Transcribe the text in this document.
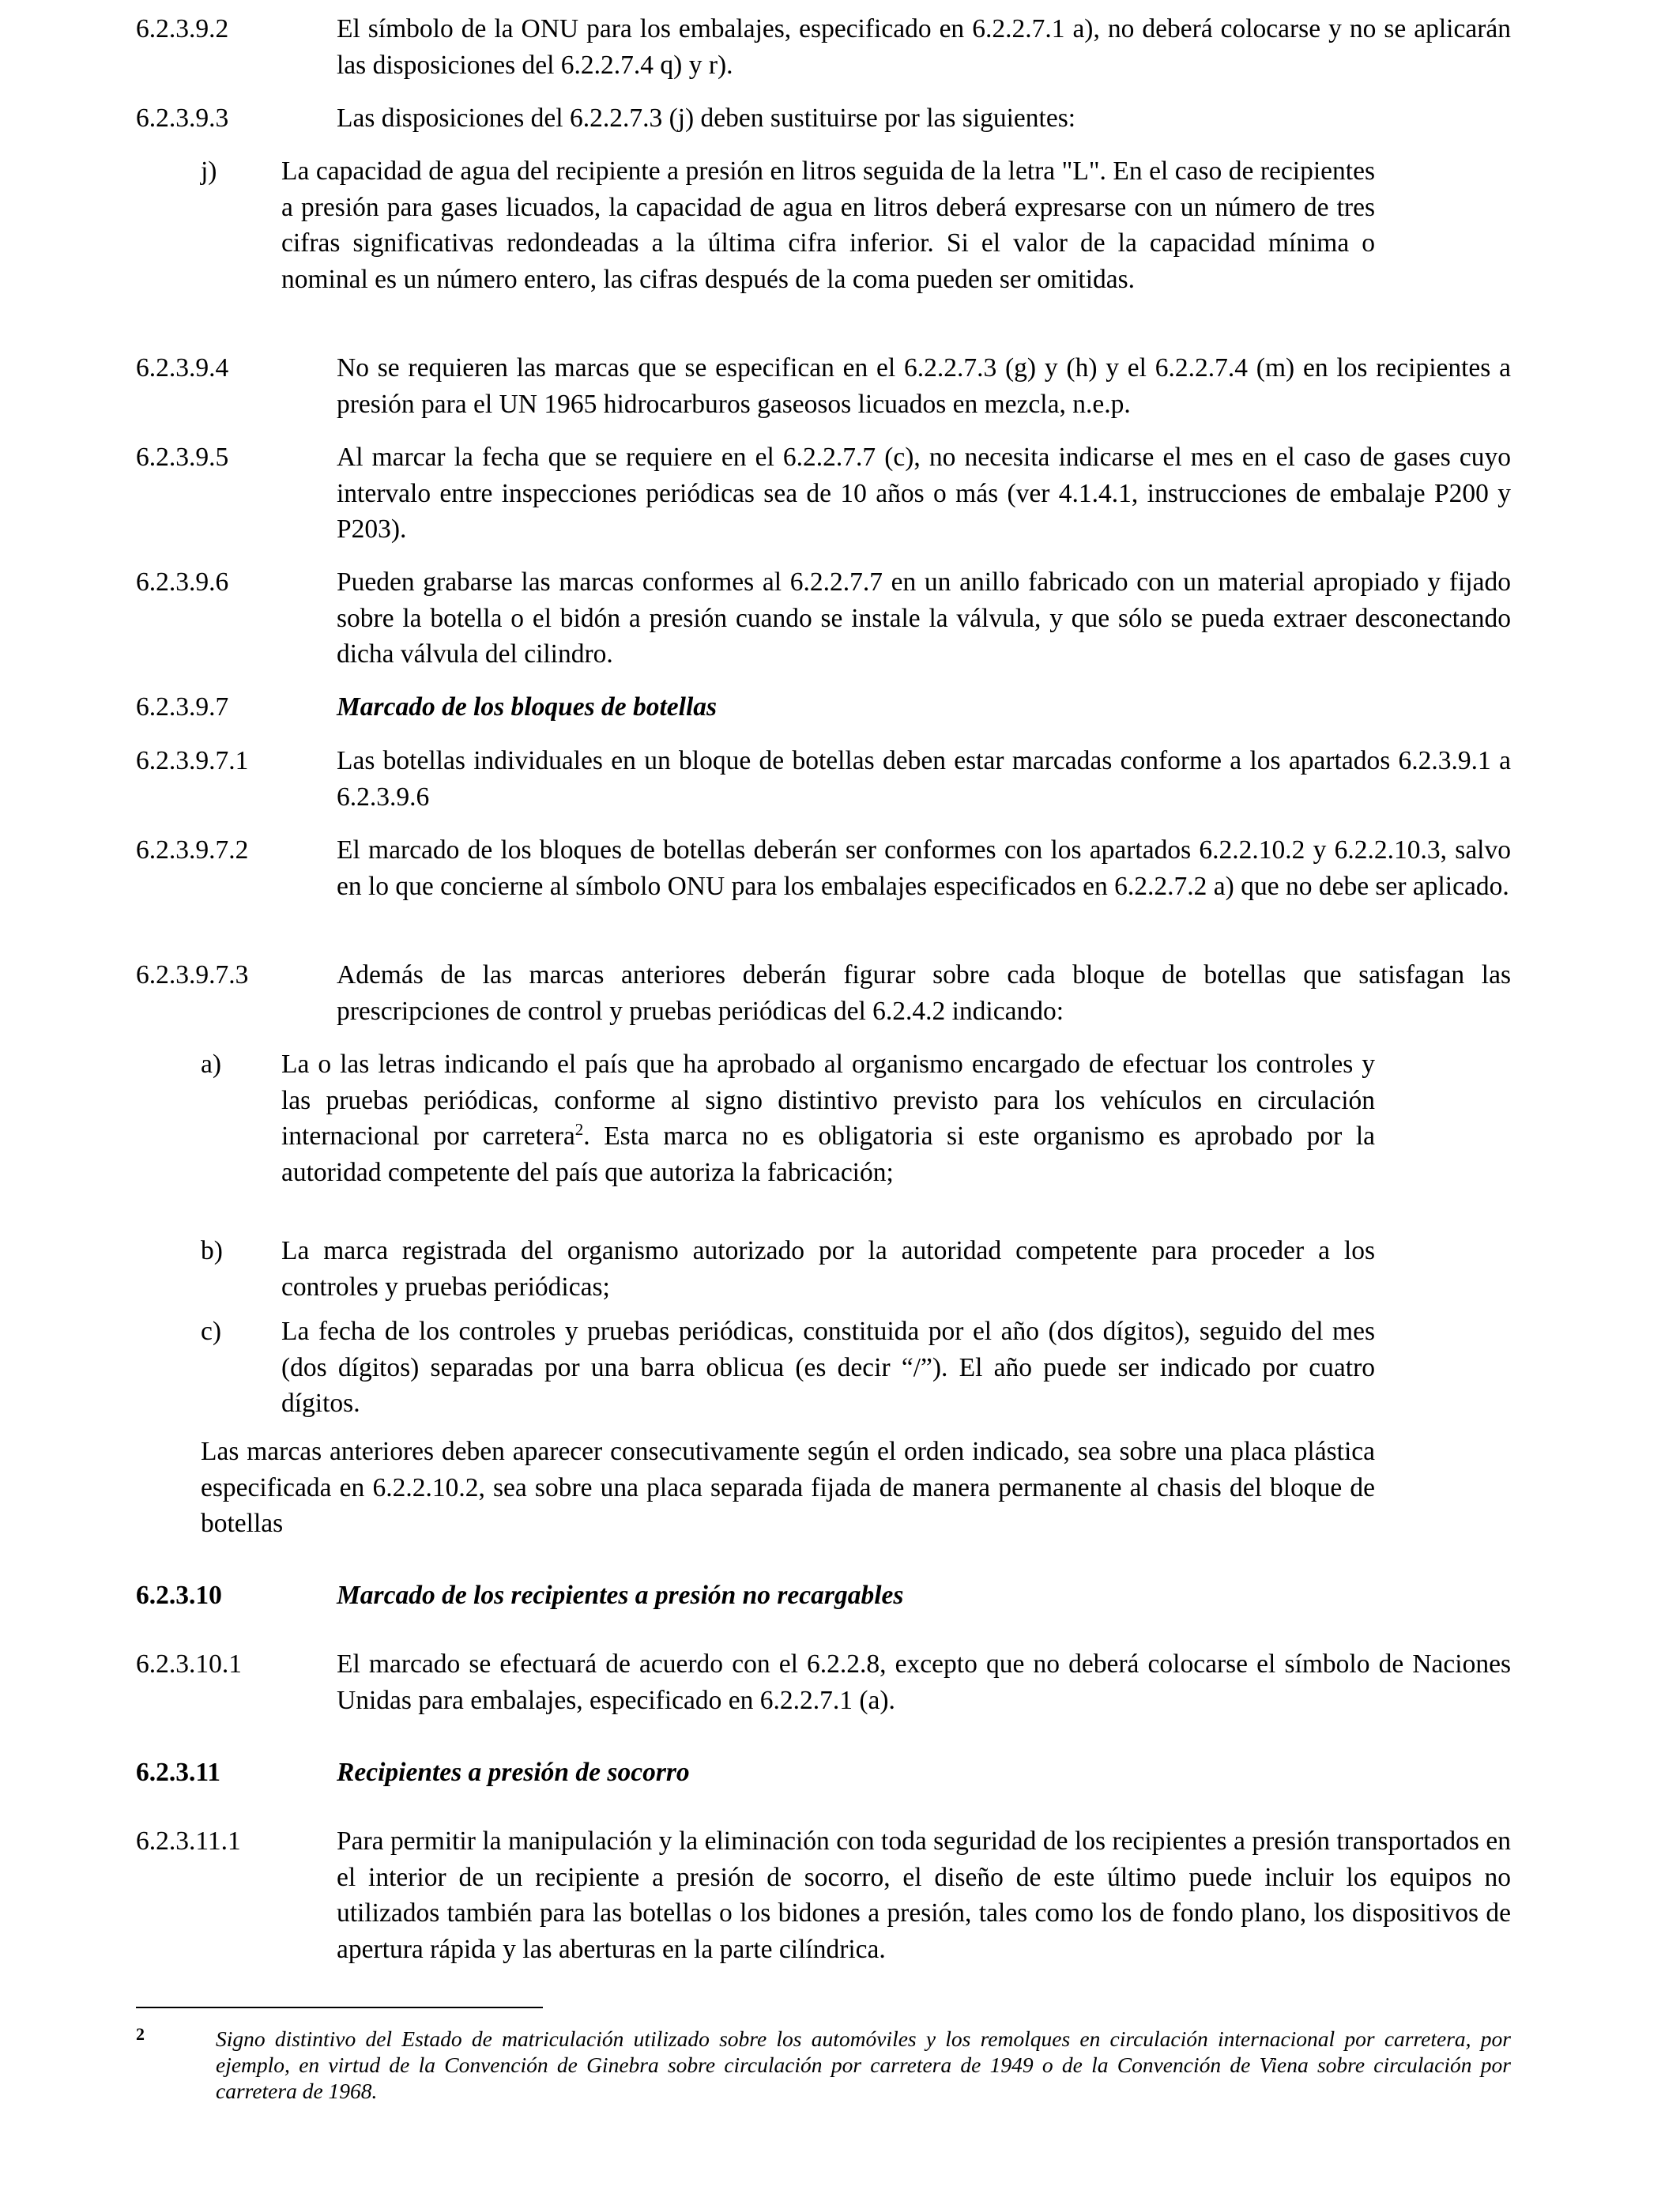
6.2.3.9.2	El símbolo de la ONU para los embalajes, especificado en 6.2.2.7.1 a), no deberá colocarse y no se aplicarán las disposiciones del 6.2.2.7.4 q) y r).
6.2.3.9.3	Las disposiciones del 6.2.2.7.3 (j) deben sustituirse por las siguientes:
j)	La capacidad de agua del recipiente a presión en litros seguida de la letra "L". En el caso de recipientes a presión para gases licuados, la capacidad de agua en litros deberá expresarse con un número de tres cifras significativas redondeadas a la última cifra inferior. Si el valor de la capacidad mínima o nominal es un número entero, las cifras después de la coma pueden ser omitidas.
6.2.3.9.4	No se requieren las marcas que se especifican en el 6.2.2.7.3 (g) y (h) y el 6.2.2.7.4 (m) en los recipientes a presión para el UN 1965 hidrocarburos gaseosos licuados en mezcla, n.e.p.
6.2.3.9.5	Al marcar la fecha que se requiere en el 6.2.2.7.7 (c), no necesita indicarse el mes en el caso de gases cuyo intervalo entre inspecciones periódicas sea de 10 años o más (ver 4.1.4.1, instrucciones de embalaje P200 y P203).
6.2.3.9.6	Pueden grabarse las marcas conformes al 6.2.2.7.7 en un anillo fabricado con un material apropiado y fijado sobre la botella o el bidón a presión cuando se instale la válvula, y que sólo se pueda extraer desconectando dicha válvula del cilindro.
6.2.3.9.7	Marcado de los bloques de botellas
6.2.3.9.7.1	Las botellas individuales en un bloque de botellas deben estar marcadas conforme a los apartados 6.2.3.9.1 a 6.2.3.9.6
6.2.3.9.7.2	El marcado de los bloques de botellas deberán ser conformes con los apartados 6.2.2.10.2 y 6.2.2.10.3, salvo en lo que concierne al símbolo ONU para los embalajes especificados en 6.2.2.7.2 a) que no debe ser aplicado.
6.2.3.9.7.3	Además de las marcas anteriores deberán figurar sobre cada bloque de botellas que satisfagan las prescripciones de control y pruebas periódicas del 6.2.4.2 indicando:
a)	La o las letras indicando el país que ha aprobado al organismo encargado de efectuar los controles y las pruebas periódicas, conforme al signo distintivo previsto para los vehículos en circulación internacional por carretera$^2$. Esta marca no es obligatoria si este organismo es aprobado por la autoridad competente del país que autoriza la fabricación;
b)	La marca registrada del organismo autorizado por la autoridad competente para proceder a los controles y pruebas periódicas;
c)	La fecha de los controles y pruebas periódicas, constituida por el año (dos dígitos), seguido del mes (dos dígitos) separadas por una barra oblicua (es decir “/”). El año puede ser indicado por cuatro dígitos.
Las marcas anteriores deben aparecer consecutivamente según el orden indicado, sea sobre una placa plástica especificada en 6.2.2.10.2, sea sobre una placa separada fijada de manera permanente al chasis del bloque de botellas
6.2.3.10	Marcado de los recipientes a presión no recargables
6.2.3.10.1	El marcado se efectuará de acuerdo con el 6.2.2.8, excepto que no deberá colocarse el símbolo de Naciones Unidas para embalajes, especificado en 6.2.2.7.1 (a).
6.2.3.11	Recipientes a presión de socorro
6.2.3.11.1	Para permitir la manipulación y la eliminación con toda seguridad de los recipientes a presión transportados en el interior de un recipiente a presión de socorro, el diseño de este último puede incluir los equipos no utilizados también para las botellas o los bidones a presión, tales como los de fondo plano, los dispositivos de apertura rápida y las aberturas en la parte cilíndrica.
2	Signo distintivo del Estado de matriculación utilizado sobre los automóviles y los remolques en circulación internacional por carretera, por ejemplo, en virtud de la Convención de Ginebra sobre circulación por carretera de 1949 o de la Convención de Viena sobre circulación por carretera de 1968.
